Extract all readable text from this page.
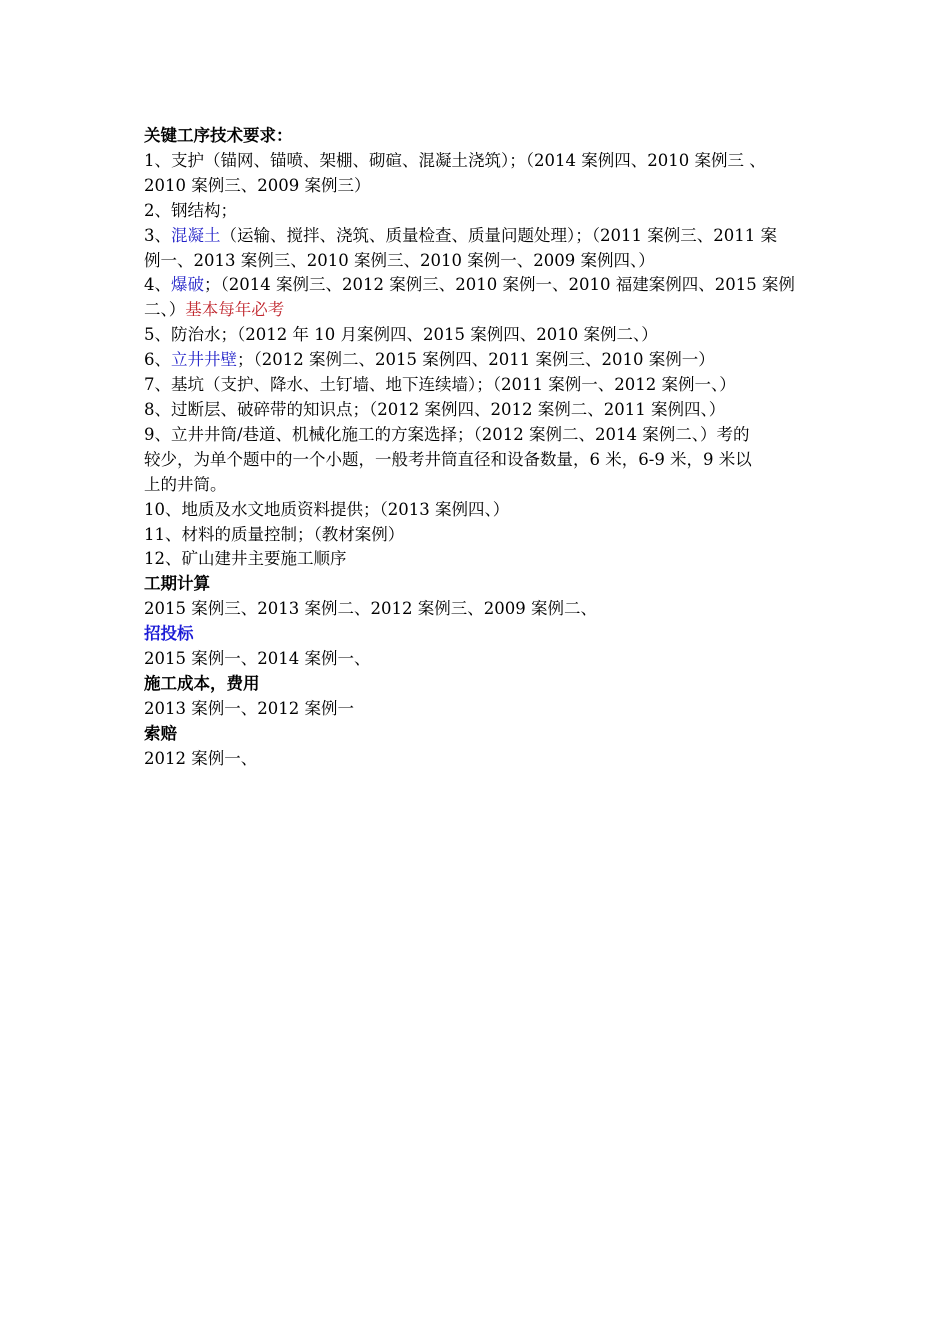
关键工序技术要求：

1、支护（锚网、锚喷、架棚、砌碹、混凝土浇筑）；（2014 案例四、2010 案例三 、

2010 案例三、2009 案例三）

2、钢结构；

3、混凝土（运输、搅拌、浇筑、质量检查、质量问题处理）；（2011 案例三、2011 案

例一、2013 案例三、2010 案例三、2010 案例一、2009 案例四、）

4、爆破；（2014 案例三、2012 案例三、2010 案例一、2010 福建案例四、2015 案例

二、）基本每年必考

5、防治水；（2012 年 10 月案例四、2015 案例四、2010 案例二、）

6、立井井壁；（2012 案例二、2015 案例四、2011 案例三、2010 案例一）

7、基坑（支护、降水、土钉墙、地下连续墙）；（2011 案例一、2012 案例一、）

8、过断层、破碎带的知识点；（2012 案例四、2012 案例二、2011 案例四、）

9、立井井筒/巷道、机械化施工的方案选择；（2012 案例二、2014 案例二、）考的

较少，为单个题中的一个小题，一般考井筒直径和设备数量，6 米，6-9 米，9 米以

上的井筒。

10、地质及水文地质资料提供；（2013 案例四、）

11、材料的质量控制；（教材案例）

12、矿山建井主要施工顺序

工期计算

2015 案例三、2013 案例二、2012 案例三、2009 案例二、

招投标

2015 案例一、2014 案例一、

施工成本，费用

2013 案例一、2012 案例一

索赔

2012 案例一、
